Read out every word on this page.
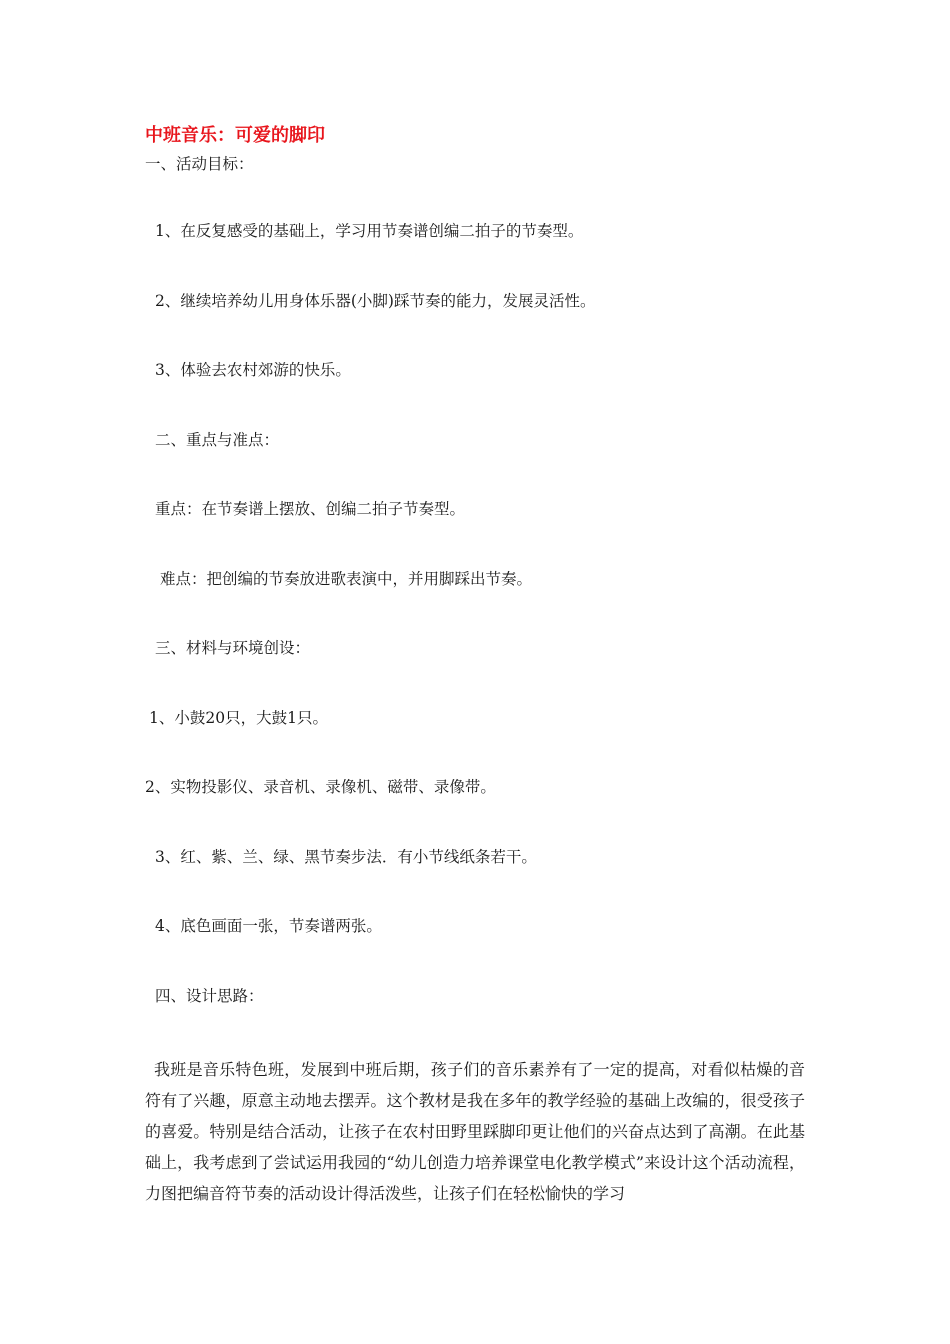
中班音乐：可爱的脚印

一、活动目标：

1、在反复感受的基础上，学习用节奏谱创编二拍子的节奏型。

2、继续培养幼儿用身体乐器(小脚)踩节奏的能力，发展灵活性。

3、体验去农村郊游的快乐。

二、重点与准点：

重点：在节奏谱上摆放、创编二拍子节奏型。

难点：把创编的节奏放进歌表演中，并用脚踩出节奏。

三、材料与环境创设：

1、小鼓20只，大鼓1只。

2、实物投影仪、录音机、录像机、磁带、录像带。

3、红、紫、兰、绿、黑节奏步法．有小节线纸条若干。

4、底色画面一张，节奏谱两张。

四、设计思路：

我班是音乐特色班，发展到中班后期，孩子们的音乐素养有了一定的提高，对看似枯燥的音符有了兴趣，原意主动地去摆弄。这个教材是我在多年的教学经验的基础上改编的，很受孩子的喜爱。特别是结合活动，让孩子在农村田野里踩脚印更让他们的兴奋点达到了高潮。在此基础上，我考虑到了尝试运用我园的“幼儿创造力培养课堂电化教学模式”来设计这个活动流程，力图把编音符节奏的活动设计得活泼些，让孩子们在轻松愉快的学习
